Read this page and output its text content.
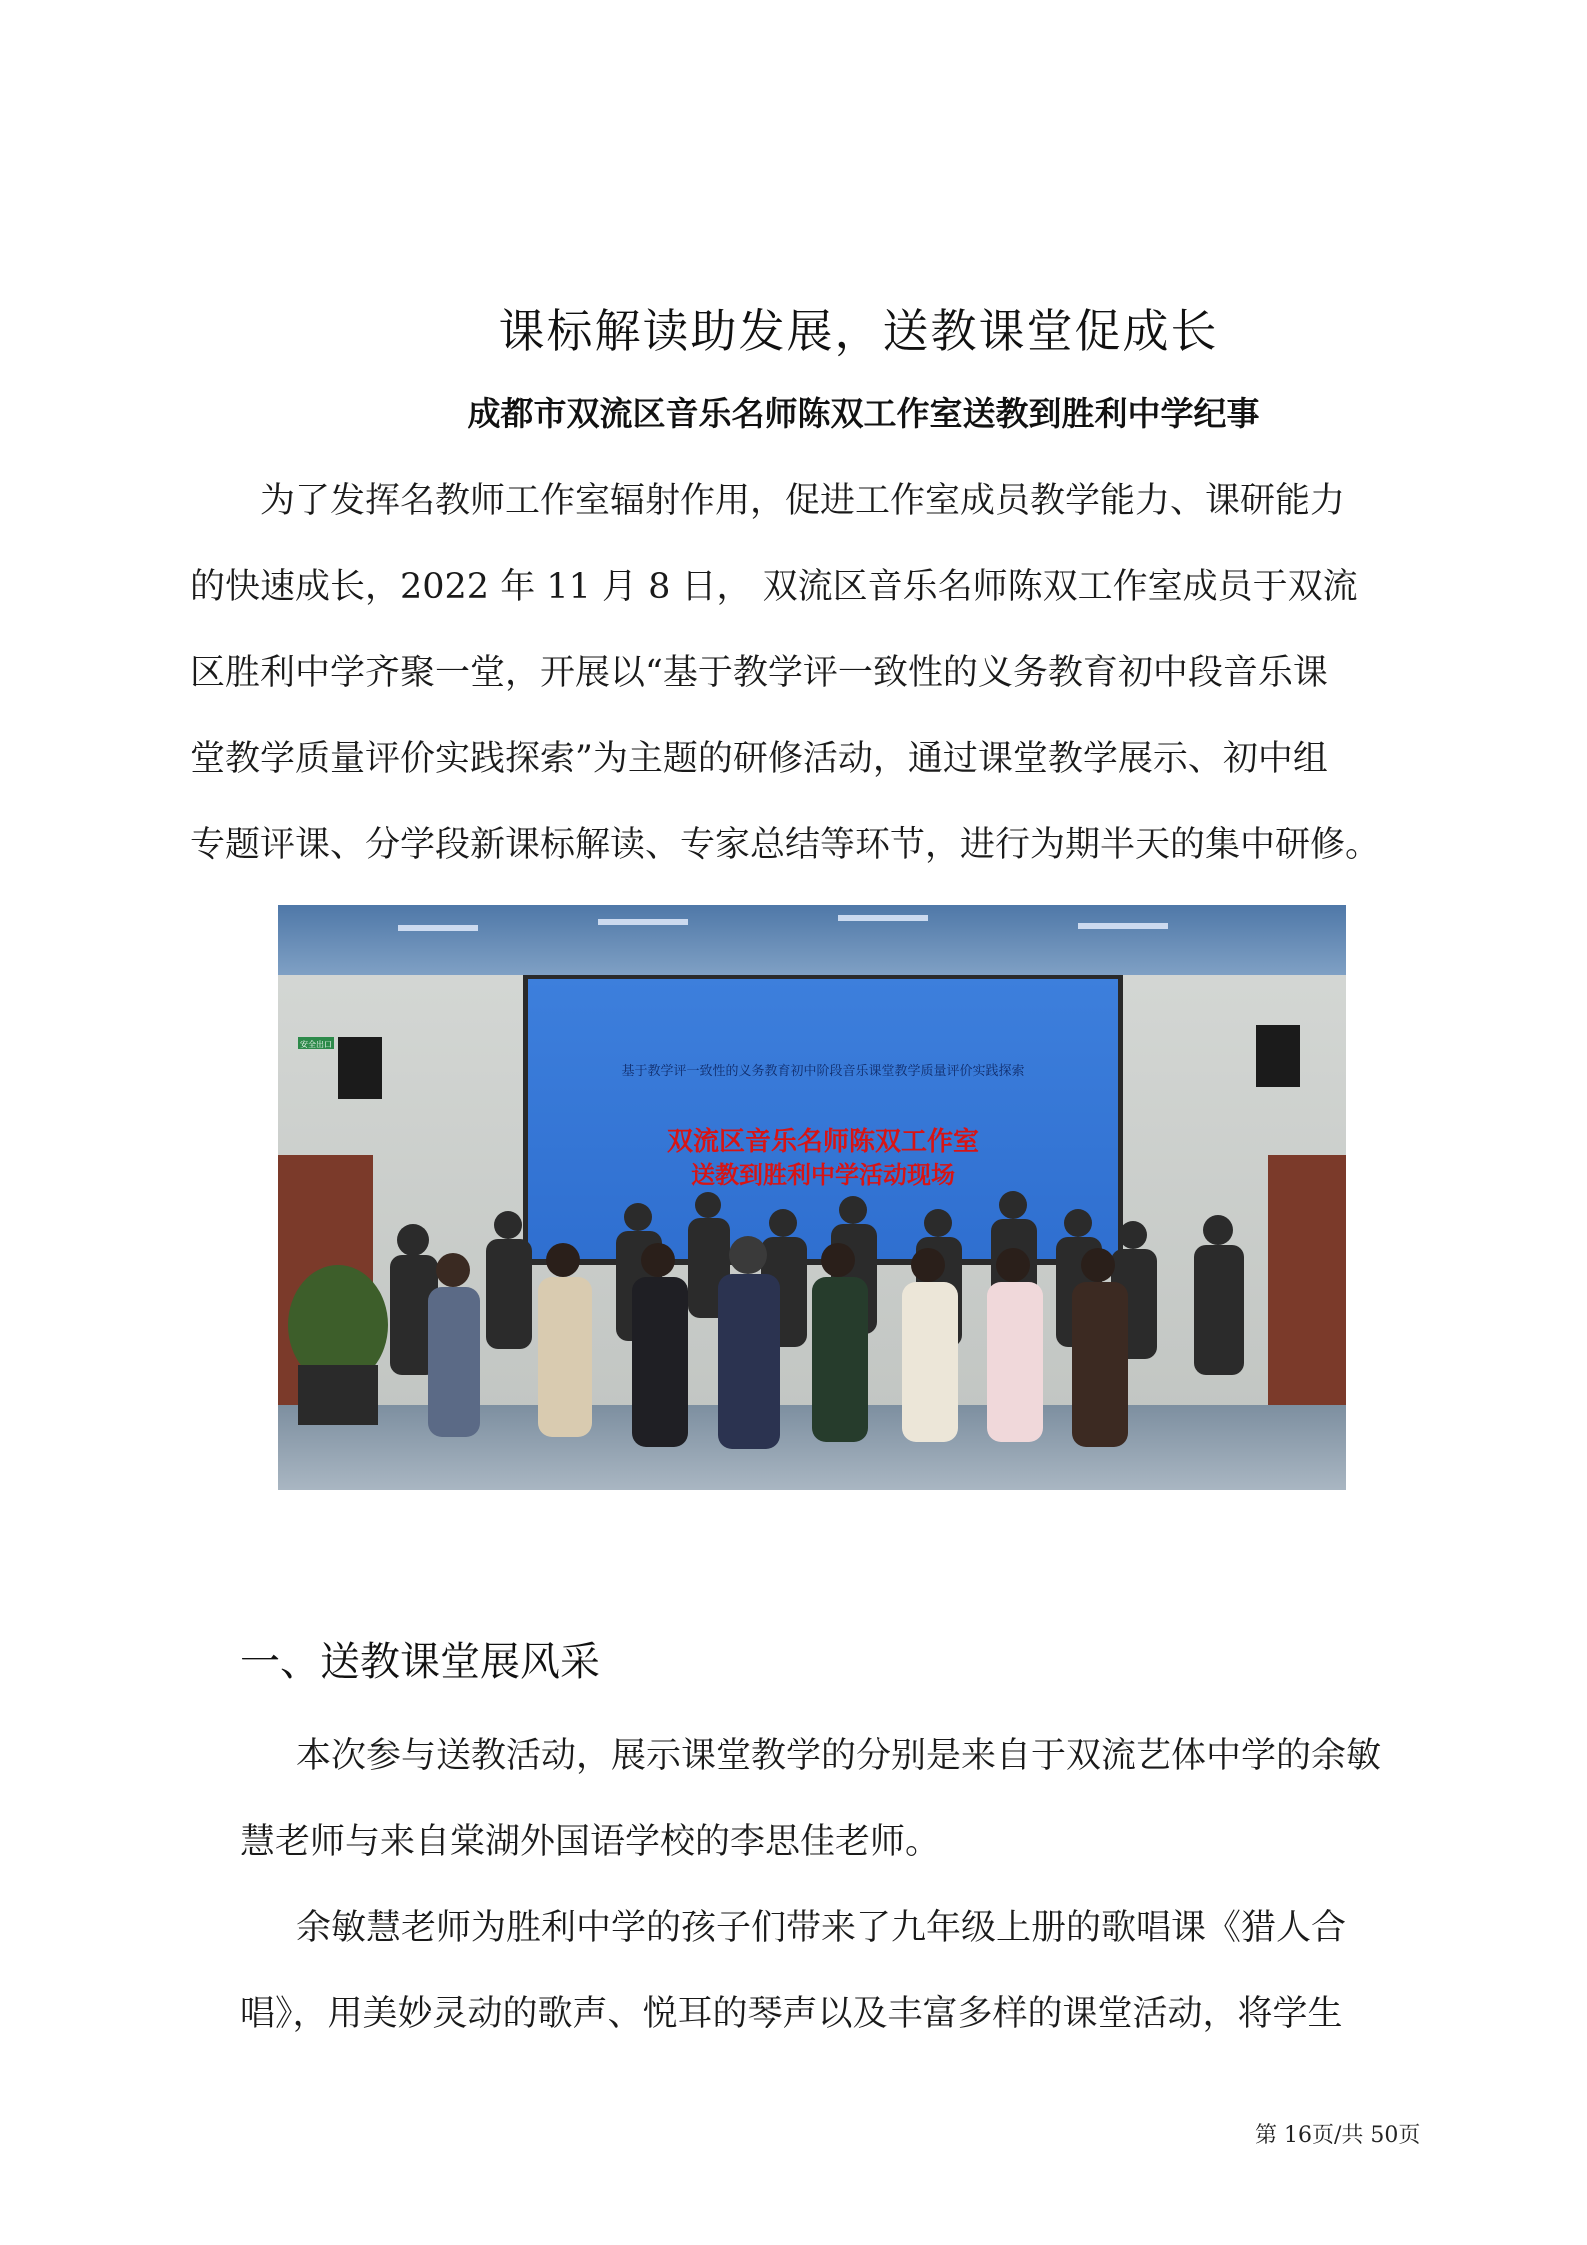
课标解读助发展，送教课堂促成长
成都市双流区音乐名师陈双工作室送教到胜利中学纪事
为了发挥名教师工作室辐射作用，促进工作室成员教学能力、课研能力
的快速成长，2022 年 11 月 8 日， 双流区音乐名师陈双工作室成员于双流
区胜利中学齐聚一堂，开展以“基于教学评一致性的义务教育初中段音乐课
堂教学质量评价实践探索”为主题的研修活动，通过课堂教学展示、初中组
专题评课、分学段新课标解读、专家总结等环节，进行为期半天的集中研修。
安全出口
基于教学评一致性的义务教育初中阶段音乐课堂教学质量评价实践探索
双流区音乐名师陈双工作室
送教到胜利中学活动现场
一、送教课堂展风采
本次参与送教活动，展示课堂教学的分别是来自于双流艺体中学的余敏
慧老师与来自棠湖外国语学校的李思佳老师。
余敏慧老师为胜利中学的孩子们带来了九年级上册的歌唱课《猎人合
唱》，用美妙灵动的歌声、悦耳的琴声以及丰富多样的课堂活动，将学生
第 16页/共 50页
